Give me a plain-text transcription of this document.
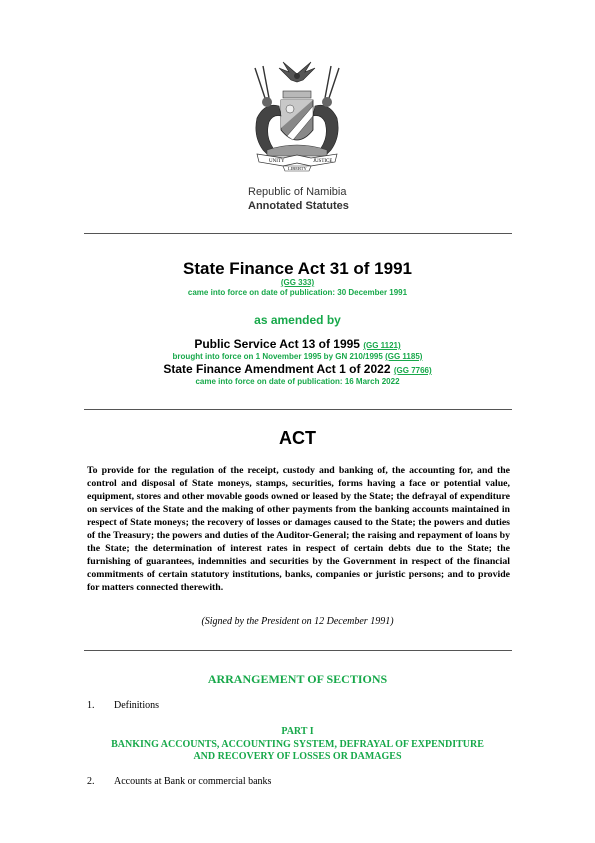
UNITY	JUSTICE
LIBERTY
Republic of Namibia
Annotated Statutes
State Finance Act 31 of 1991
(GG 333)
came into force on date of publication: 30 December 1991
as amended by
Public Service Act 13 of 1995 (GG 1121)
brought into force on 1 November 1995 by GN 210/1995 (GG 1185)
State Finance Amendment Act 1 of 2022 (GG 7766)
came into force on date of publication: 16 March 2022
ACT
To provide for the regulation of the receipt, custody and banking of, the accounting for, and the control and disposal of State moneys, stamps, securities, forms having a face or potential value, equipment, stores and other movable goods owned or leased by the State; the defrayal of expenditure on services of the State and the making of other payments from the banking accounts maintained in respect of State moneys; the recovery of losses or damages caused to the State; the powers and duties of the Treasury; the powers and duties of the Auditor-General; the raising and repayment of loans by the State; the determination of interest rates in respect of certain debts due to the State; the furnishing of guarantees, indemnities and securities by the Government in respect of the financial commitments of certain statutory institutions, banks, companies or juristic persons; and to provide for matters connected therewith.
(Signed by the President on 12 December 1991)
ARRANGEMENT OF SECTIONS
1. Definitions
PART I
BANKING ACCOUNTS, ACCOUNTING SYSTEM, DEFRAYAL OF EXPENDITURE
AND RECOVERY OF LOSSES OR DAMAGES
2. Accounts at Bank or commercial banks
